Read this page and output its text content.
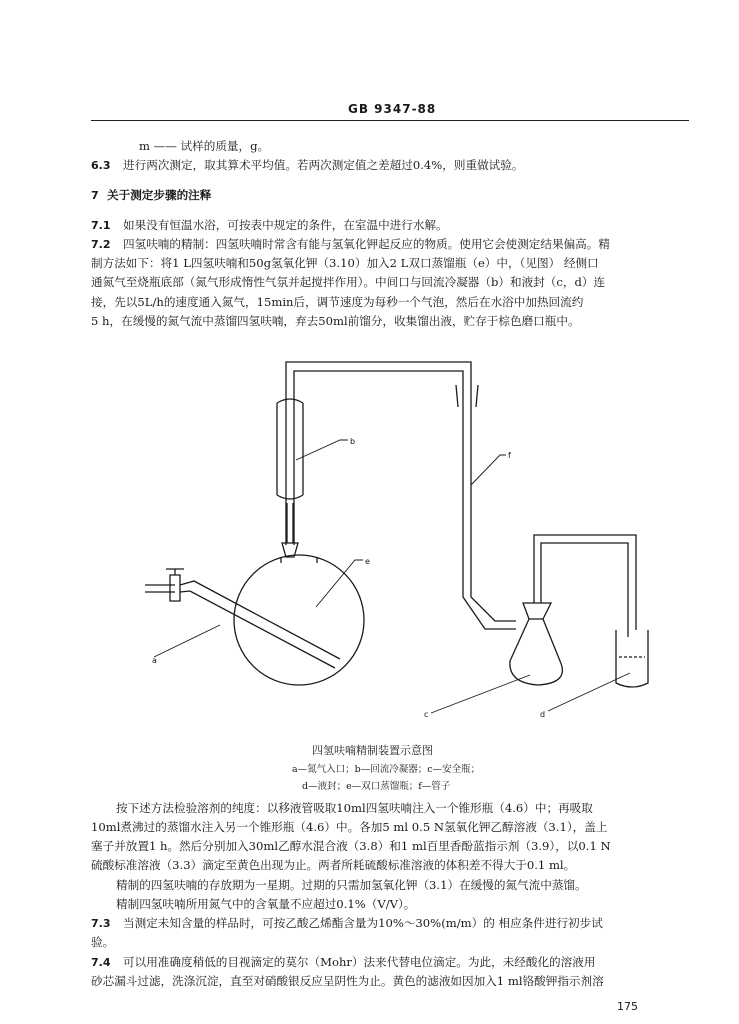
GB 9347-88
m —— 试样的质量，g。
6.3 进行两次测定，取其算术平均值。若两次测定值之差超过0.4%，则重做试验。
7 关于测定步骤的注释
7.1 如果没有恒温水浴，可按表中规定的条件，在室温中进行水解。
7.2 四氢呋喃的精制：四氢呋喃时常含有能与氢氧化钾起反应的物质。使用它会使测定结果偏高。精
制方法如下：将1 L四氢呋喃和50g氢氧化钾（3.10）加入2 L双口蒸馏瓶（e）中，（见图） 经侧口
通氮气至烧瓶底部（氮气形成惰性气氛并起搅拌作用）。中间口与回流冷凝器（b）和液封（c，d）连
接，先以5L/h的速度通入氮气，15min后，调节速度为每秒一个气泡，然后在水浴中加热回流约
5 h，在缓慢的氮气流中蒸馏四氢呋喃，弃去50ml前馏分，收集馏出液，贮存于棕色磨口瓶中。
a
b
c	d
e
f
四氢呋喃精制装置示意图
a—氮气入口；b—回流冷凝器；c—安全瓶；
d—液封；e—双口蒸馏瓶；f—管子
按下述方法检验溶剂的纯度：以移液管吸取10ml四氢呋喃注入一个锥形瓶（4.6）中；再吸取
10ml煮沸过的蒸馏水注入另一个锥形瓶（4.6）中。各加5 ml 0.5 N氢氧化钾乙醇溶液（3.1），盖上
塞子并放置1 h。然后分别加入30ml乙醇水混合液（3.8）和1 ml百里香酚蓝指示剂（3.9），以0.1 N
硫酸标准溶液（3.3）滴定至黄色出现为止。两者所耗硫酸标准溶液的体积差不得大于0.1 ml。
精制的四氢呋喃的存放期为一星期。过期的只需加氢氧化钾（3.1）在缓慢的氮气流中蒸馏。
精制四氢呋喃所用氮气中的含氧量不应超过0.1%（V/V）。
7.3 当测定未知含量的样品时，可按乙酸乙烯酯含量为10%～30%(m/m）的 相应条件进行初步试
验。
7.4 可以用准确度稍低的目视滴定的莫尔（Mohr）法来代替电位滴定。为此，未经酸化的溶液用
砂芯漏斗过滤，洗涤沉淀，直至对硝酸银反应呈阴性为止。黄色的滤液如因加入1 ml铬酸钾指示剂溶
175
